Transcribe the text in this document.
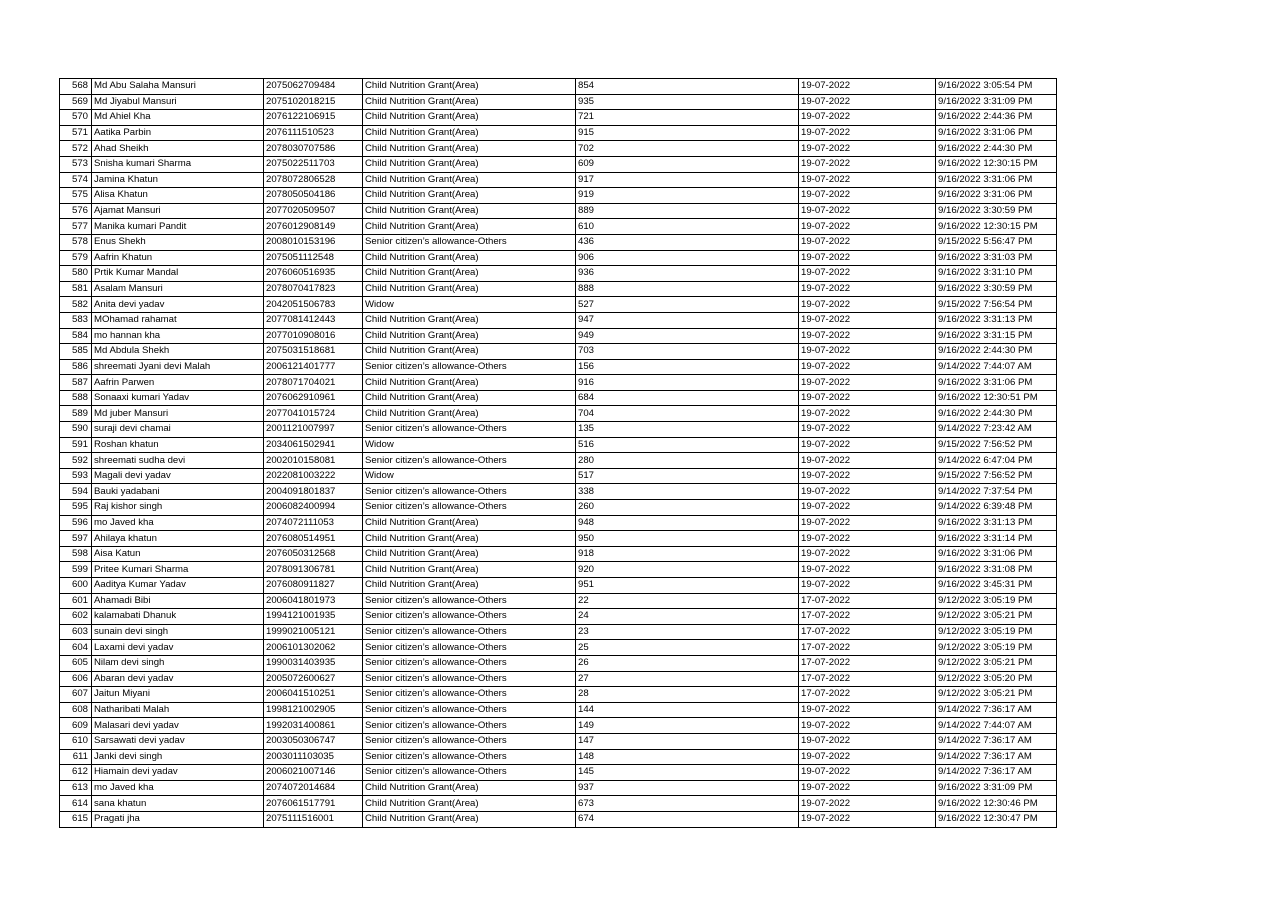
568	Md Abu Salaha Mansuri	2075062709484	Child Nutrition Grant(Area)	854	19-07-2022	9/16/2022 3:05:54 PM
569	Md Jiyabul Mansuri	2075102018215	Child Nutrition Grant(Area)	935	19-07-2022	9/16/2022 3:31:09 PM
570	Md Ahiel Kha	2076122106915	Child Nutrition Grant(Area)	721	19-07-2022	9/16/2022 2:44:36 PM
571	Aatika Parbin	2076111510523	Child Nutrition Grant(Area)	915	19-07-2022	9/16/2022 3:31:06 PM
572	Ahad Sheikh	2078030707586	Child Nutrition Grant(Area)	702	19-07-2022	9/16/2022 2:44:30 PM
573	Snisha kumari Sharma	2075022511703	Child Nutrition Grant(Area)	609	19-07-2022	9/16/2022 12:30:15 PM
574	Jamina Khatun	2078072806528	Child Nutrition Grant(Area)	917	19-07-2022	9/16/2022 3:31:06 PM
575	Alisa Khatun	2078050504186	Child Nutrition Grant(Area)	919	19-07-2022	9/16/2022 3:31:06 PM
576	Ajamat Mansuri	2077020509507	Child Nutrition Grant(Area)	889	19-07-2022	9/16/2022 3:30:59 PM
577	Manika kumari Pandit	2076012908149	Child Nutrition Grant(Area)	610	19-07-2022	9/16/2022 12:30:15 PM
578	Enus Shekh	2008010153196	Senior citizen’s allowance-Others	436	19-07-2022	9/15/2022 5:56:47 PM
579	Aafrin Khatun	2075051112548	Child Nutrition Grant(Area)	906	19-07-2022	9/16/2022 3:31:03 PM
580	Prtik Kumar Mandal	2076060516935	Child Nutrition Grant(Area)	936	19-07-2022	9/16/2022 3:31:10 PM
581	Asalam Mansuri	2078070417823	Child Nutrition Grant(Area)	888	19-07-2022	9/16/2022 3:30:59 PM
582	Anita devi yadav	2042051506783	Widow	527	19-07-2022	9/15/2022 7:56:54 PM
583	MOhamad rahamat	2077081412443	Child Nutrition Grant(Area)	947	19-07-2022	9/16/2022 3:31:13 PM
584	mo hannan kha	2077010908016	Child Nutrition Grant(Area)	949	19-07-2022	9/16/2022 3:31:15 PM
585	Md Abdula Shekh	2075031518681	Child Nutrition Grant(Area)	703	19-07-2022	9/16/2022 2:44:30 PM
586	shreemati Jyani devi Malah	2006121401777	Senior citizen’s allowance-Others	156	19-07-2022	9/14/2022 7:44:07 AM
587	Aafrin Parwen	2078071704021	Child Nutrition Grant(Area)	916	19-07-2022	9/16/2022 3:31:06 PM
588	Sonaaxi kumari Yadav	2076062910961	Child Nutrition Grant(Area)	684	19-07-2022	9/16/2022 12:30:51 PM
589	Md juber Mansuri	2077041015724	Child Nutrition Grant(Area)	704	19-07-2022	9/16/2022 2:44:30 PM
590	suraji devi chamai	2001121007997	Senior citizen’s allowance-Others	135	19-07-2022	9/14/2022 7:23:42 AM
591	Roshan khatun	2034061502941	Widow	516	19-07-2022	9/15/2022 7:56:52 PM
592	shreemati sudha devi	2002010158081	Senior citizen’s allowance-Others	280	19-07-2022	9/14/2022 6:47:04 PM
593	Magali devi yadav	2022081003222	Widow	517	19-07-2022	9/15/2022 7:56:52 PM
594	Bauki yadabani	2004091801837	Senior citizen’s allowance-Others	338	19-07-2022	9/14/2022 7:37:54 PM
595	Raj kishor singh	2006082400994	Senior citizen’s allowance-Others	260	19-07-2022	9/14/2022 6:39:48 PM
596	mo Javed kha	2074072111053	Child Nutrition Grant(Area)	948	19-07-2022	9/16/2022 3:31:13 PM
597	Ahilaya khatun	2076080514951	Child Nutrition Grant(Area)	950	19-07-2022	9/16/2022 3:31:14 PM
598	Aisa Katun	2076050312568	Child Nutrition Grant(Area)	918	19-07-2022	9/16/2022 3:31:06 PM
599	Pritee Kumari Sharma	2078091306781	Child Nutrition Grant(Area)	920	19-07-2022	9/16/2022 3:31:08 PM
600	Aaditya Kumar Yadav	2076080911827	Child Nutrition Grant(Area)	951	19-07-2022	9/16/2022 3:45:31 PM
601	Ahamadi Bibi	2006041801973	Senior citizen’s allowance-Others	22	17-07-2022	9/12/2022 3:05:19 PM
602	kalamabati Dhanuk	1994121001935	Senior citizen’s allowance-Others	24	17-07-2022	9/12/2022 3:05:21 PM
603	sunain devi singh	1999021005121	Senior citizen’s allowance-Others	23	17-07-2022	9/12/2022 3:05:19 PM
604	Laxami devi yadav	2006101302062	Senior citizen’s allowance-Others	25	17-07-2022	9/12/2022 3:05:19 PM
605	Nilam devi singh	1990031403935	Senior citizen’s allowance-Others	26	17-07-2022	9/12/2022 3:05:21 PM
606	Abaran devi yadav	2005072600627	Senior citizen’s allowance-Others	27	17-07-2022	9/12/2022 3:05:20 PM
607	Jaitun Miyani	2006041510251	Senior citizen’s allowance-Others	28	17-07-2022	9/12/2022 3:05:21 PM
608	Natharibati Malah	1998121002905	Senior citizen’s allowance-Others	144	19-07-2022	9/14/2022 7:36:17 AM
609	Malasari devi yadav	1992031400861	Senior citizen’s allowance-Others	149	19-07-2022	9/14/2022 7:44:07 AM
610	Sarsawati devi yadav	2003050306747	Senior citizen’s allowance-Others	147	19-07-2022	9/14/2022 7:36:17 AM
611	Janki devi singh	2003011103035	Senior citizen’s allowance-Others	148	19-07-2022	9/14/2022 7:36:17 AM
612	Hiamain devi yadav	2006021007146	Senior citizen’s allowance-Others	145	19-07-2022	9/14/2022 7:36:17 AM
613	mo Javed kha	2074072014684	Child Nutrition Grant(Area)	937	19-07-2022	9/16/2022 3:31:09 PM
614	sana khatun	2076061517791	Child Nutrition Grant(Area)	673	19-07-2022	9/16/2022 12:30:46 PM
615	Pragati jha	2075111516001	Child Nutrition Grant(Area)	674	19-07-2022	9/16/2022 12:30:47 PM
